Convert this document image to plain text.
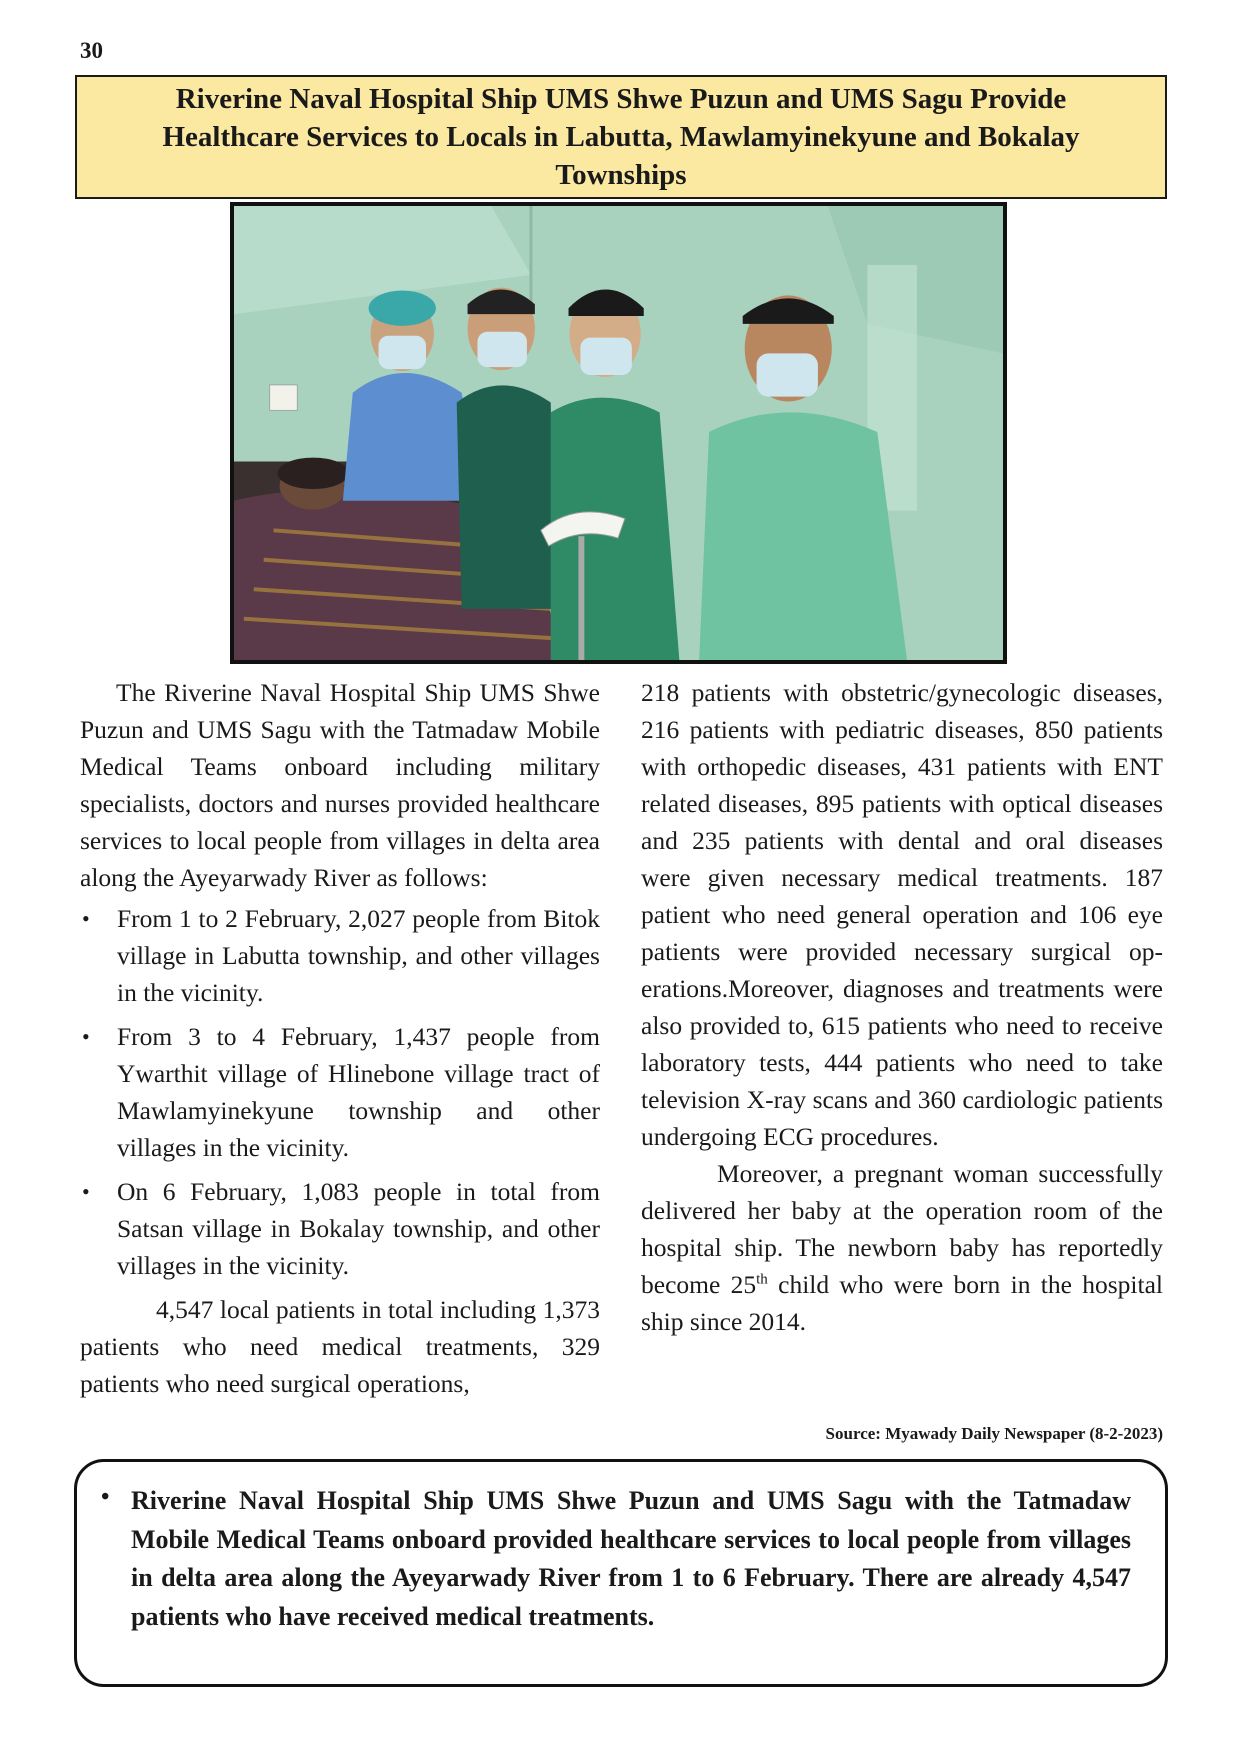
30
Riverine Naval Hospital Ship UMS Shwe Puzun and UMS Sagu Provide Healthcare Services to Locals in Labutta, Mawlamyinekyune and Bokalay Townships

The Riverine Naval Hospital Ship UMS Shwe Puzun and UMS Sagu with the Tatmadaw Mobile Medical Teams onboard including military specialists, doctors and nurses provided healthcare services to local people from villages in delta area along the Ayeyarwady River as follows:

• From 1 to 2 February, 2,027 people from Bitok village in Labutta township, and other villages in the vicinity.
• From 3 to 4 February, 1,437 people from Ywarthit village of Hlinebone village tract of Mawlamyinekyune township and other villages in the vicinity.
• On 6 February, 1,083 people in total from Satsan village in Bokalay township, and other villages in the vicinity.

4,547 local patients in total including 1,373 patients who need medical treatments, 329 patients who need surgical operations,

218 patients with obstetric/gynecologic diseases, 216 patients with pediatric diseases, 850 patients with orthopedic diseases, 431 patients with ENT related diseases, 895 patients with optical diseases and 235 patients with dental and oral diseases were given necessary medical treatments. 187 patient who need general operation and 106 eye patients were provided necessary surgical operations.Moreover, diagnoses and treatments were also provided to, 615 patients who need to receive laboratory tests, 444 patients who need to take television X-ray scans and 360 cardiologic patients undergoing ECG procedures.

Moreover, a pregnant woman successfully delivered her baby at the operation room of the hospital ship. The newborn baby has reportedly become 25th child who were born in the hospital ship since 2014.

Source: Myawady Daily Newspaper (8-2-2023)
• Riverine Naval Hospital Ship UMS Shwe Puzun and UMS Sagu with the Tatmadaw Mobile Medical Teams onboard provided healthcare services to local people from villages in delta area along the Ayeyarwady River from 1 to 6 February. There are already 4,547 patients who have received medical treatments.
